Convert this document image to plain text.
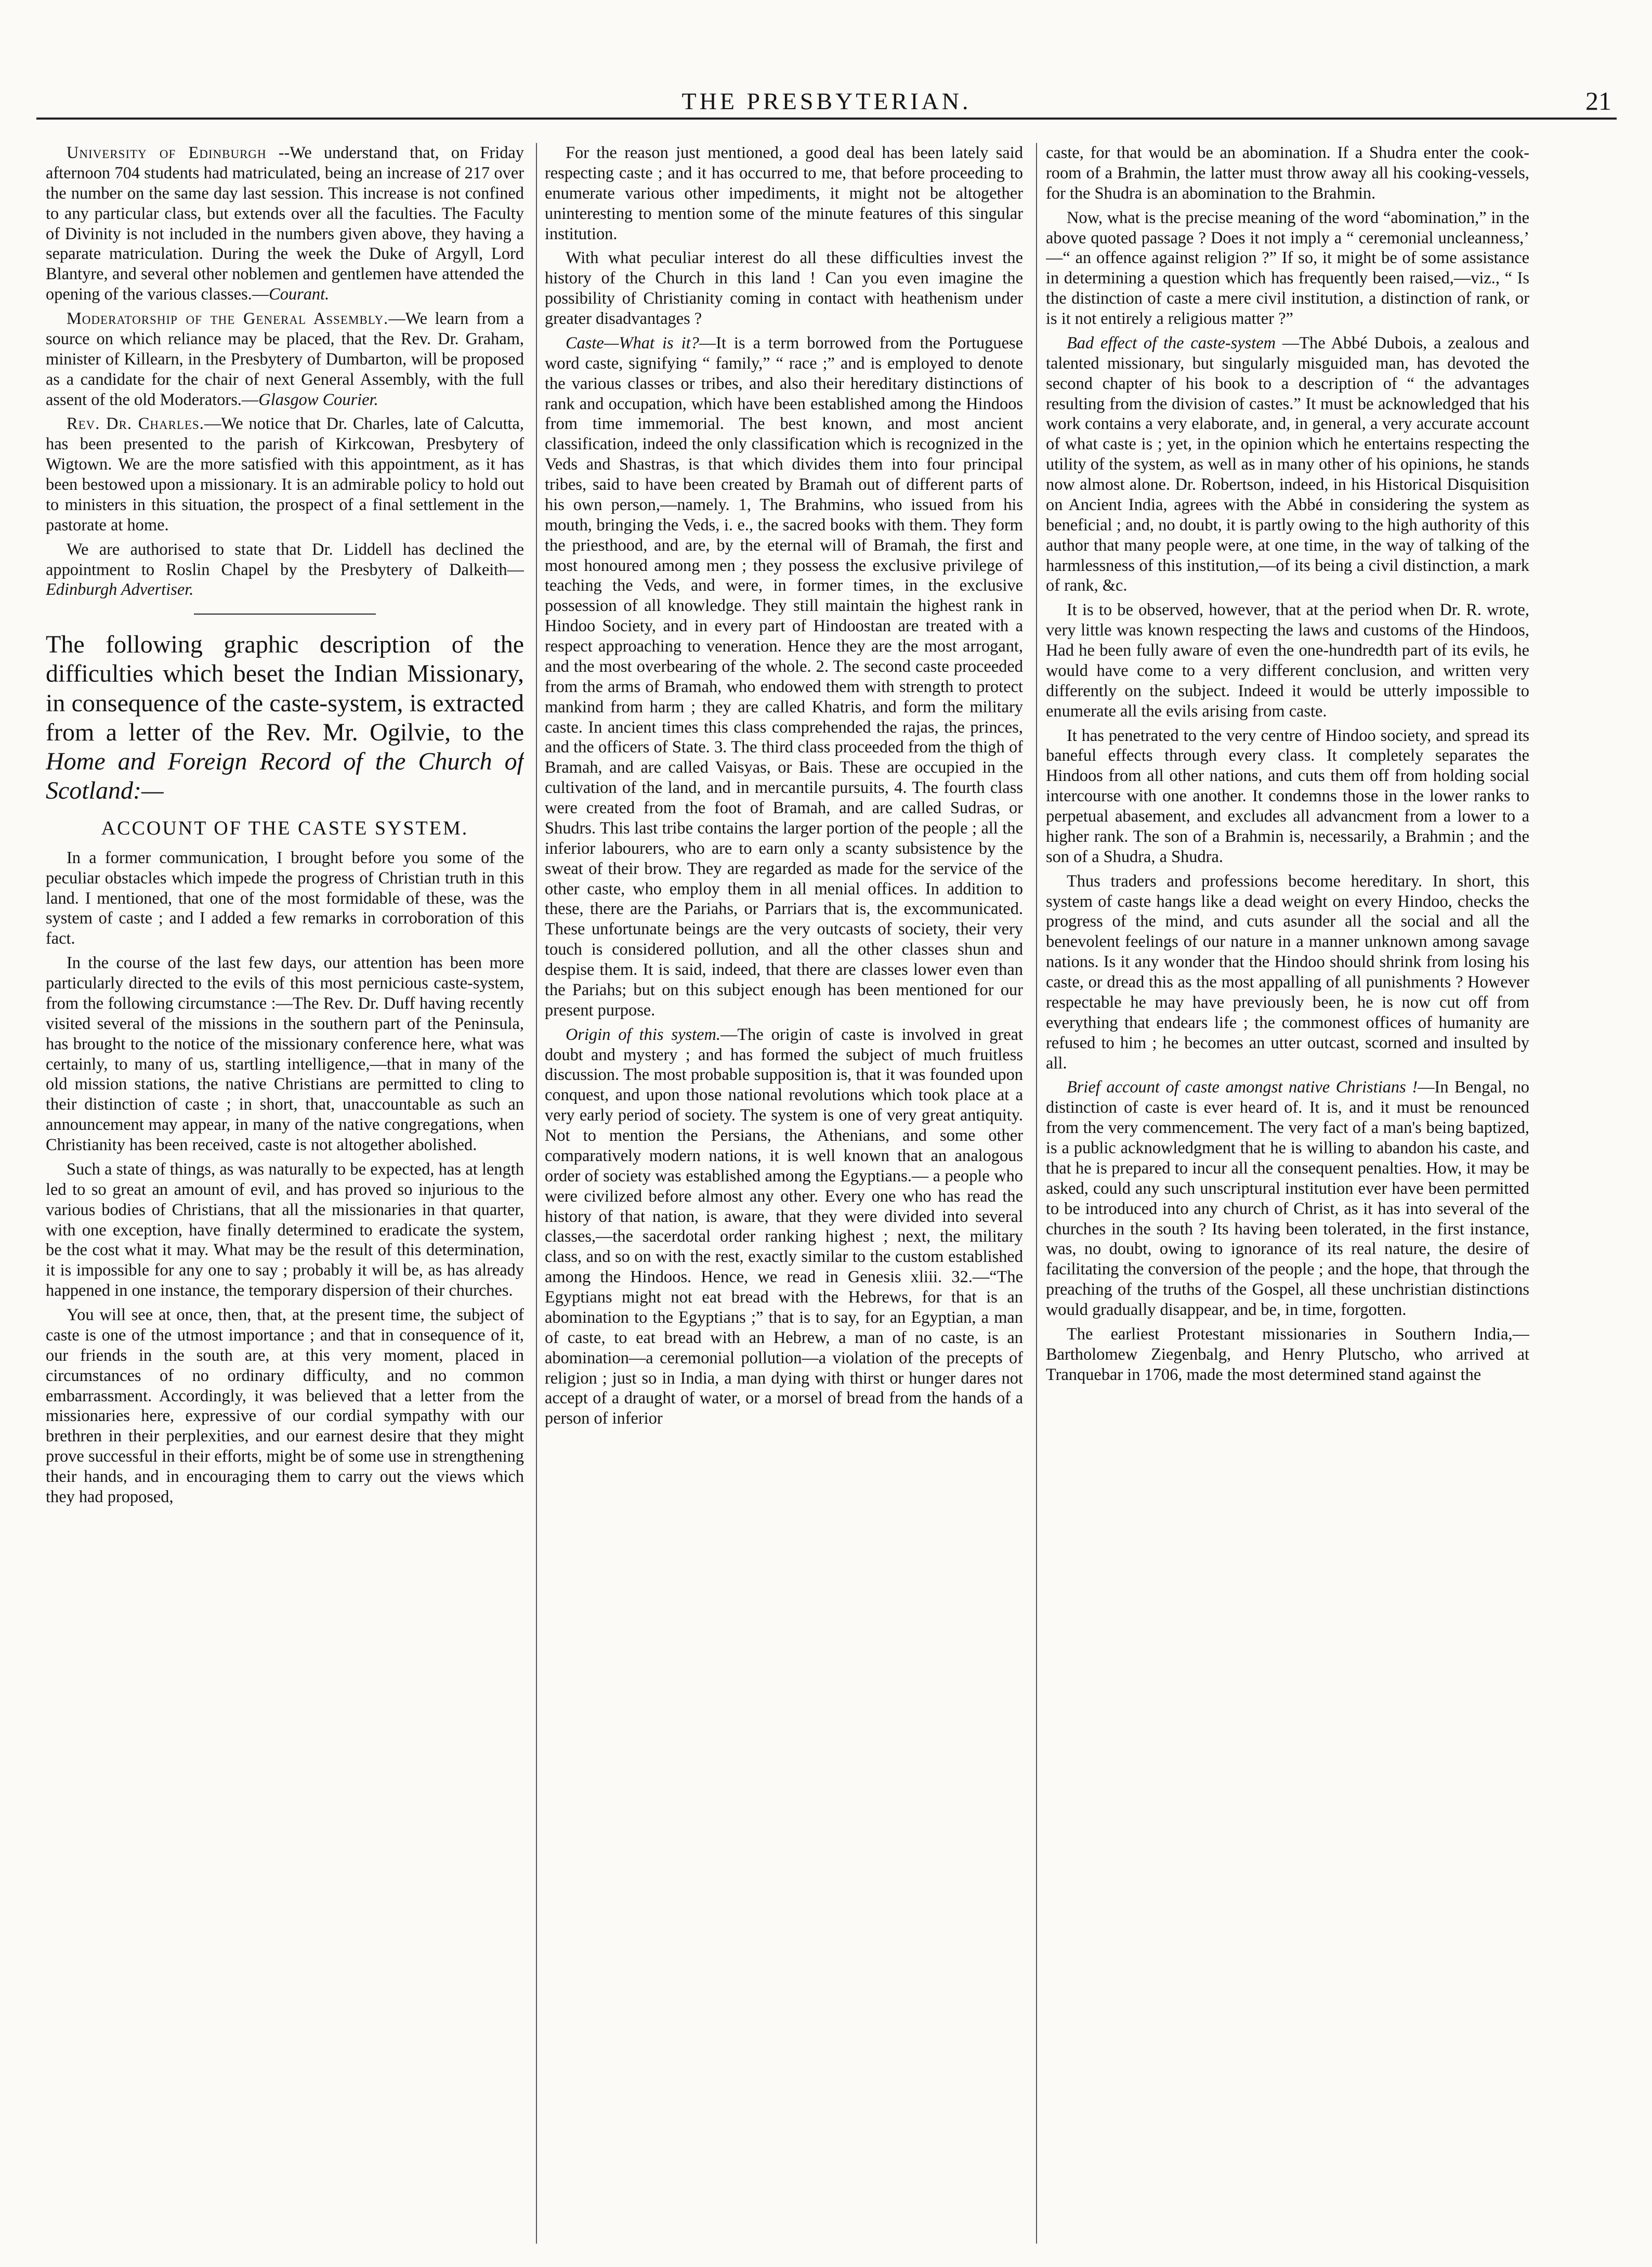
THE PRESBYTERIAN.	21

University of Edinburgh --We understand that, on Friday afternoon 704 students had matriculated, being an increase of 217 over the number on the same day last session. This increase is not confined to any particular class, but extends over all the faculties. The Faculty of Divinity is not included in the numbers given above, they having a separate matriculation. During the week the Duke of Argyll, Lord Blantyre, and several other noblemen and gentlemen have attended the opening of the various classes.—Courant.

Moderatorship of the General Assembly.—We learn from a source on which reliance may be placed, that the Rev. Dr. Graham, minister of Killearn, in the Presbytery of Dumbarton, will be proposed as a candidate for the chair of next General Assembly, with the full assent of the old Moderators.—Glasgow Courier.

Rev. Dr. Charles.—We notice that Dr. Charles, late of Calcutta, has been presented to the parish of Kirkcowan, Presbytery of Wigtown. We are the more satisfied with this appointment, as it has been bestowed upon a missionary. It is an admirable policy to hold out to ministers in this situation, the prospect of a final settlement in the pastorate at home.

We are authorised to state that Dr. Liddell has declined the appointment to Roslin Chapel by the Presbytery of Dalkeith—Edinburgh Advertiser.

The following graphic description of the difficulties which beset the Indian Missionary, in consequence of the caste-system, is extracted from a letter of the Rev. Mr. Ogilvie, to the Home and Foreign Record of the Church of Scotland:—

ACCOUNT OF THE CASTE SYSTEM.

In a former communication, I brought before you some of the peculiar obstacles which impede the progress of Christian truth in this land. I mentioned, that one of the most formidable of these, was the system of caste ; and I added a few remarks in corroboration of this fact.

In the course of the last few days, our attention has been more particularly directed to the evils of this most pernicious caste-system, from the following circumstance :—The Rev. Dr. Duff having recently visited several of the missions in the southern part of the Peninsula, has brought to the notice of the missionary conference here, what was certainly, to many of us, startling intelligence,—that in many of the old mission stations, the native Christians are permitted to cling to their distinction of caste ; in short, that, unaccountable as such an announcement may appear, in many of the native congregations, when Christianity has been received, caste is not altogether abolished.

Such a state of things, as was naturally to be expected, has at length led to so great an amount of evil, and has proved so injurious to the various bodies of Christians, that all the missionaries in that quarter, with one exception, have finally determined to eradicate the system, be the cost what it may. What may be the result of this determination, it is impossible for any one to say ; probably it will be, as has already happened in one instance, the temporary dispersion of their churches.

You will see at once, then, that, at the present time, the subject of caste is one of the utmost importance ; and that in consequence of it, our friends in the south are, at this very moment, placed in circumstances of no ordinary difficulty, and no common embarrassment. Accordingly, it was believed that a letter from the missionaries here, expressive of our cordial sympathy with our brethren in their perplexities, and our earnest desire that they might prove successful in their efforts, might be of some use in strengthening their hands, and in encouraging them to carry out the views which they had proposed,

For the reason just mentioned, a good deal has been lately said respecting caste ; and it has occurred to me, that before proceeding to enumerate various other impediments, it might not be altogether uninteresting to mention some of the minute features of this singular institution.

With what peculiar interest do all these difficulties invest the history of the Church in this land ! Can you even imagine the possibility of Christianity coming in contact with heathenism under greater disadvantages ?

Caste—What is it?—It is a term borrowed from the Portuguese word caste, signifying “ family,” “ race ;” and is employed to denote the various classes or tribes, and also their hereditary distinctions of rank and occupation, which have been established among the Hindoos from time immemorial. The best known, and most ancient classification, indeed the only classification which is recognized in the Veds and Shastras, is that which divides them into four principal tribes, said to have been created by Bramah out of different parts of his own person,—namely. 1, The Brahmins, who issued from his mouth, bringing the Veds, i. e., the sacred books with them. They form the priesthood, and are, by the eternal will of Bramah, the first and most honoured among men ; they possess the exclusive privilege of teaching the Veds, and were, in former times, in the exclusive possession of all knowledge. They still maintain the highest rank in Hindoo Society, and in every part of Hindoostan are treated with a respect approaching to veneration. Hence they are the most arrogant, and the most overbearing of the whole. 2. The second caste proceeded from the arms of Bramah, who endowed them with strength to protect mankind from harm ; they are called Khatris, and form the military caste. In ancient times this class comprehended the rajas, the princes, and the officers of State. 3. The third class proceeded from the thigh of Bramah, and are called Vaisyas, or Bais. These are occupied in the cultivation of the land, and in mercantile pursuits, 4. The fourth class were created from the foot of Bramah, and are called Sudras, or Shudrs. This last tribe contains the larger portion of the people ; all the inferior labourers, who are to earn only a scanty subsistence by the sweat of their brow. They are regarded as made for the service of the other caste, who employ them in all menial offices. In addition to these, there are the Pariahs, or Parriars that is, the excommunicated. These unfortunate beings are the very outcasts of society, their very touch is considered pollution, and all the other classes shun and despise them. It is said, indeed, that there are classes lower even than the Pariahs; but on this subject enough has been mentioned for our present purpose.

Origin of this system.—The origin of caste is involved in great doubt and mystery ; and has formed the subject of much fruitless discussion. The most probable supposition is, that it was founded upon conquest, and upon those national revolutions which took place at a very early period of society. The system is one of very great antiquity. Not to mention the Persians, the Athenians, and some other comparatively modern nations, it is well known that an analogous order of society was established among the Egyptians.— a people who were civilized before almost any other. Every one who has read the history of that nation, is aware, that they were divided into several classes,—the sacerdotal order ranking highest ; next, the military class, and so on with the rest, exactly similar to the custom established among the Hindoos. Hence, we read in Genesis xliii. 32.—“The Egyptians might not eat bread with the Hebrews, for that is an abomination to the Egyptians ;” that is to say, for an Egyptian, a man of caste, to eat bread with an Hebrew, a man of no caste, is an abomination—a ceremonial pollution—a violation of the precepts of religion ; just so in India, a man dying with thirst or hunger dares not accept of a draught of water, or a morsel of bread from the hands of a person of inferior

caste, for that would be an abomination. If a Shudra enter the cook-room of a Brahmin, the latter must throw away all his cooking-vessels, for the Shudra is an abomination to the Brahmin.

Now, what is the precise meaning of the word “abomination,” in the above quoted passage ? Does it not imply a “ ceremonial uncleanness,’ —“ an offence against religion ?” If so, it might be of some assistance in determining a question which has frequently been raised,—viz., “ Is the distinction of caste a mere civil institution, a distinction of rank, or is it not entirely a religious matter ?”

Bad effect of the caste-system —The Abbé Dubois, a zealous and talented missionary, but singularly misguided man, has devoted the second chapter of his book to a description of “ the advantages resulting from the division of castes.” It must be acknowledged that his work contains a very elaborate, and, in general, a very accurate account of what caste is ; yet, in the opinion which he entertains respecting the utility of the system, as well as in many other of his opinions, he stands now almost alone. Dr. Robertson, indeed, in his Historical Disquisition on Ancient India, agrees with the Abbé in considering the system as beneficial ; and, no doubt, it is partly owing to the high authority of this author that many people were, at one time, in the way of talking of the harmlessness of this institution,—of its being a civil distinction, a mark of rank, &c.

It is to be observed, however, that at the period when Dr. R. wrote, very little was known respecting the laws and customs of the Hindoos, Had he been fully aware of even the one-hundredth part of its evils, he would have come to a very different conclusion, and written very differently on the subject. Indeed it would be utterly impossible to enumerate all the evils arising from caste.

It has penetrated to the very centre of Hindoo society, and spread its baneful effects through every class. It completely separates the Hindoos from all other nations, and cuts them off from holding social intercourse with one another. It condemns those in the lower ranks to perpetual abasement, and excludes all advancment from a lower to a higher rank. The son of a Brahmin is, necessarily, a Brahmin ; and the son of a Shudra, a Shudra.

Thus traders and professions become hereditary. In short, this system of caste hangs like a dead weight on every Hindoo, checks the progress of the mind, and cuts asunder all the social and all the benevolent feelings of our nature in a manner unknown among savage nations. Is it any wonder that the Hindoo should shrink from losing his caste, or dread this as the most appalling of all punishments ? However respectable he may have previously been, he is now cut off from everything that endears life ; the commonest offices of humanity are refused to him ; he becomes an utter outcast, scorned and insulted by all.

Brief account of caste amongst native Christians !—In Bengal, no distinction of caste is ever heard of. It is, and it must be renounced from the very commencement. The very fact of a man's being baptized, is a public acknowledgment that he is willing to abandon his caste, and that he is prepared to incur all the consequent penalties. How, it may be asked, could any such unscriptural institution ever have been permitted to be introduced into any church of Christ, as it has into several of the churches in the south ? Its having been tolerated, in the first instance, was, no doubt, owing to ignorance of its real nature, the desire of facilitating the conversion of the people ; and the hope, that through the preaching of the truths of the Gospel, all these unchristian distinctions would gradually disappear, and be, in time, forgotten.

The earliest Protestant missionaries in Southern India,—Bartholomew Ziegenbalg, and Henry Plutscho, who arrived at Tranquebar in 1706, made the most determined stand against the
